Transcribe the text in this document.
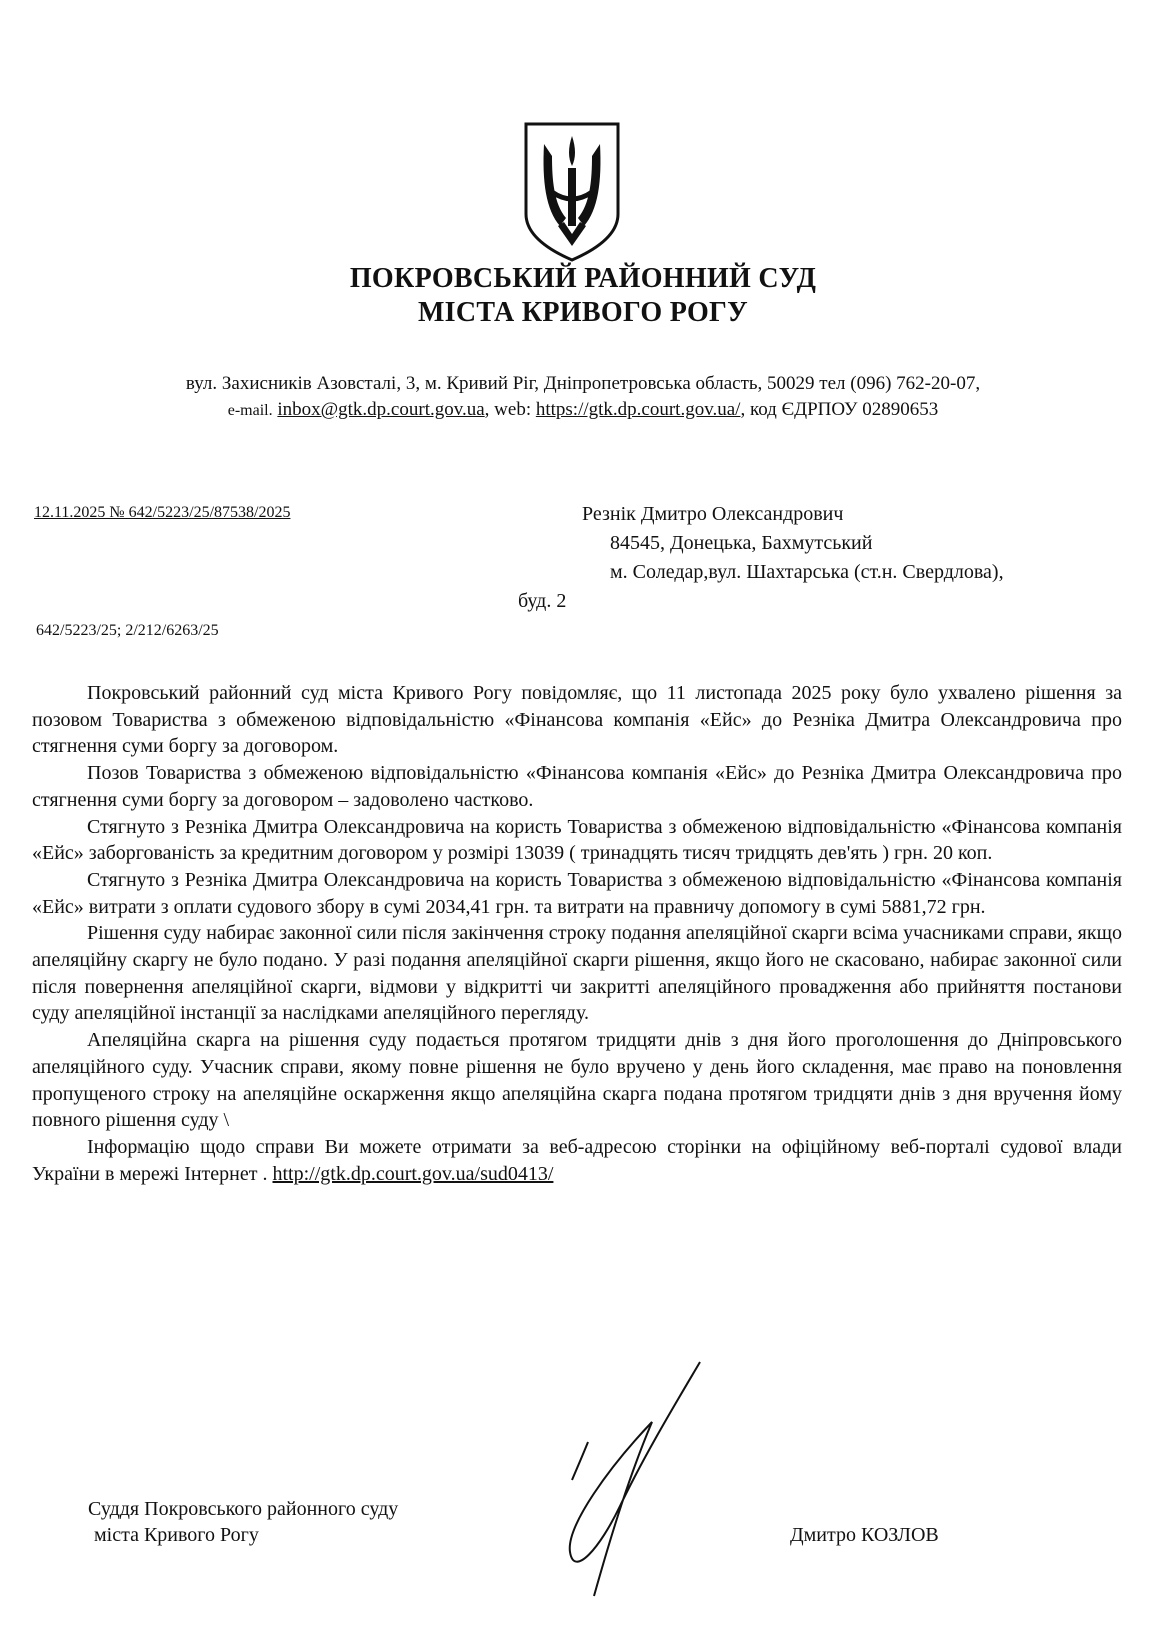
ПОКРОВСЬКИЙ РАЙОННИЙ СУД
МІСТА КРИВОГО РОГУ
вул. Захисників Азовсталі, 3, м. Кривий Ріг, Дніпропетровська область, 50029 тел (096) 762-20-07,
e-mail. inbox@gtk.dp.court.gov.ua, web: https://gtk.dp.court.gov.ua/, код ЄДРПОУ 02890653
12.11.2025 № 642/5223/25/87538/2025	Резнік Дмитро Олександрович
84545, Донецька, Бахмутський
м. Соледар,вул. Шахтарська (ст.н. Свердлова),
буд. 2
642/5223/25; 2/212/6263/25

Покровський районний суд міста Кривого Рогу повідомляє, що 11 листопада 2025 року було ухвалено рішення за позовом Товариства з обмеженою відповідальністю «Фінансова компанія «Ейс» до Резніка Дмитра Олександровича про стягнення суми боргу за договором.

Позов Товариства з обмеженою відповідальністю «Фінансова компанія «Ейс» до Резніка Дмитра Олександровича про стягнення суми боргу за договором – задоволено частково.

Стягнуто з Резніка Дмитра Олександровича на користь Товариства з обмеженою відповідальністю «Фінансова компанія «Ейс» заборгованість за кредитним договором у розмірі 13039 ( тринадцять тисяч тридцять дев'ять ) грн. 20 коп.

Стягнуто з Резніка Дмитра Олександровича на користь Товариства з обмеженою відповідальністю «Фінансова компанія «Ейс» витрати з оплати судового збору в сумі 2034,41 грн. та витрати на правничу допомогу в сумі 5881,72 грн.

Рішення суду набирає законної сили після закінчення строку подання апеляційної скарги всіма учасниками справи, якщо апеляційну скаргу не було подано. У разі подання апеляційної скарги рішення, якщо його не скасовано, набирає законної сили після повернення апеляційної скарги, відмови у відкритті чи закритті апеляційного провадження або прийняття постанови суду апеляційної інстанції за наслідками апеляційного перегляду.

Апеляційна скарга на рішення суду подається протягом тридцяти днів з дня його проголошення до Дніпровського апеляційного суду. Учасник справи, якому повне рішення не було вручено у день його складення, має право на поновлення пропущеного строку на апеляційне оскарження якщо апеляційна скарга подана протягом тридцяти днів з дня вручення йому повного рішення суду \

Інформацію щодо справи Ви можете отримати за веб-адресою сторінки на офіційному веб-порталі судової влади України в мережі Інтернет . http://gtk.dp.court.gov.ua/sud0413/

Суддя Покровського районного суду
міста Кривого Рогу	Дмитро КОЗЛОВ
